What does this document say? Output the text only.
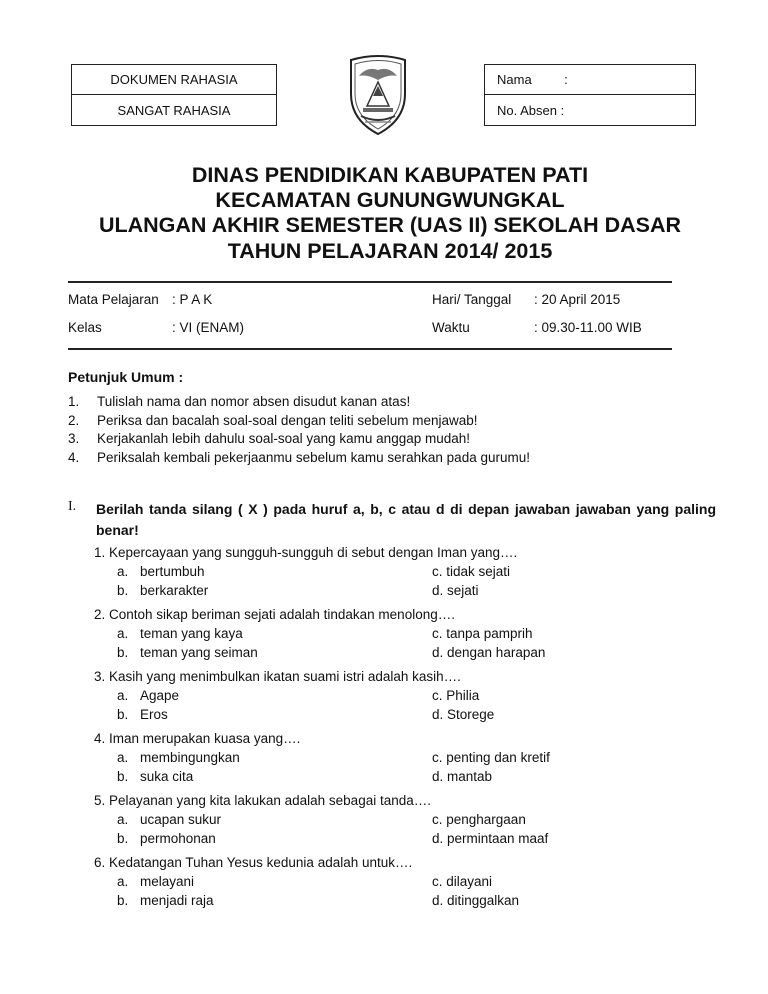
DOKUMEN RAHASIA
SANGAT RAHASIA
Nama         :
No. Absen :
DINAS PENDIDIKAN KABUPATEN PATI
KECAMATAN GUNUNGWUNGKAL
ULANGAN AKHIR SEMESTER (UAS II) SEKOLAH DASAR
TAHUN PELAJARAN 2014/ 2015
Mata Pelajaran : P A K	Hari/ Tanggal : 20 April 2015
Kelas	: VI (ENAM)	Waktu	: 09.30-11.00 WIB
Petunjuk Umum :
1. Tulislah nama dan nomor absen disudut kanan atas!
2. Periksa dan bacalah soal-soal dengan teliti sebelum menjawab!
3. Kerjakanlah lebih dahulu soal-soal yang kamu anggap mudah!
4. Periksalah kembali pekerjaanmu sebelum kamu serahkan pada gurumu!
I. Berilah tanda silang ( X ) pada huruf a, b, c atau d di depan jawaban jawaban yang paling benar!
1. Kepercayaan yang sungguh-sungguh di sebut dengan Iman yang….
a. bertumbuh
b. berkarakter
c. tidak sejati
d. sejati
2. Contoh sikap beriman sejati adalah tindakan menolong….
a. teman yang kaya
b. teman yang seiman
c. tanpa pamprih
d. dengan harapan
3. Kasih yang menimbulkan ikatan suami istri adalah kasih….
a. Agape
b. Eros
c. Philia
d. Storege
4. Iman merupakan kuasa yang….
a. membingungkan
b. suka cita
c. penting dan kretif
d. mantab
5. Pelayanan yang kita lakukan adalah sebagai tanda….
a. ucapan sukur
b. permohonan
c. penghargaan
d. permintaan maaf
6. Kedatangan Tuhan Yesus kedunia adalah untuk….
a. melayani
b. menjadi raja
c. dilayani
d. ditinggalkan
